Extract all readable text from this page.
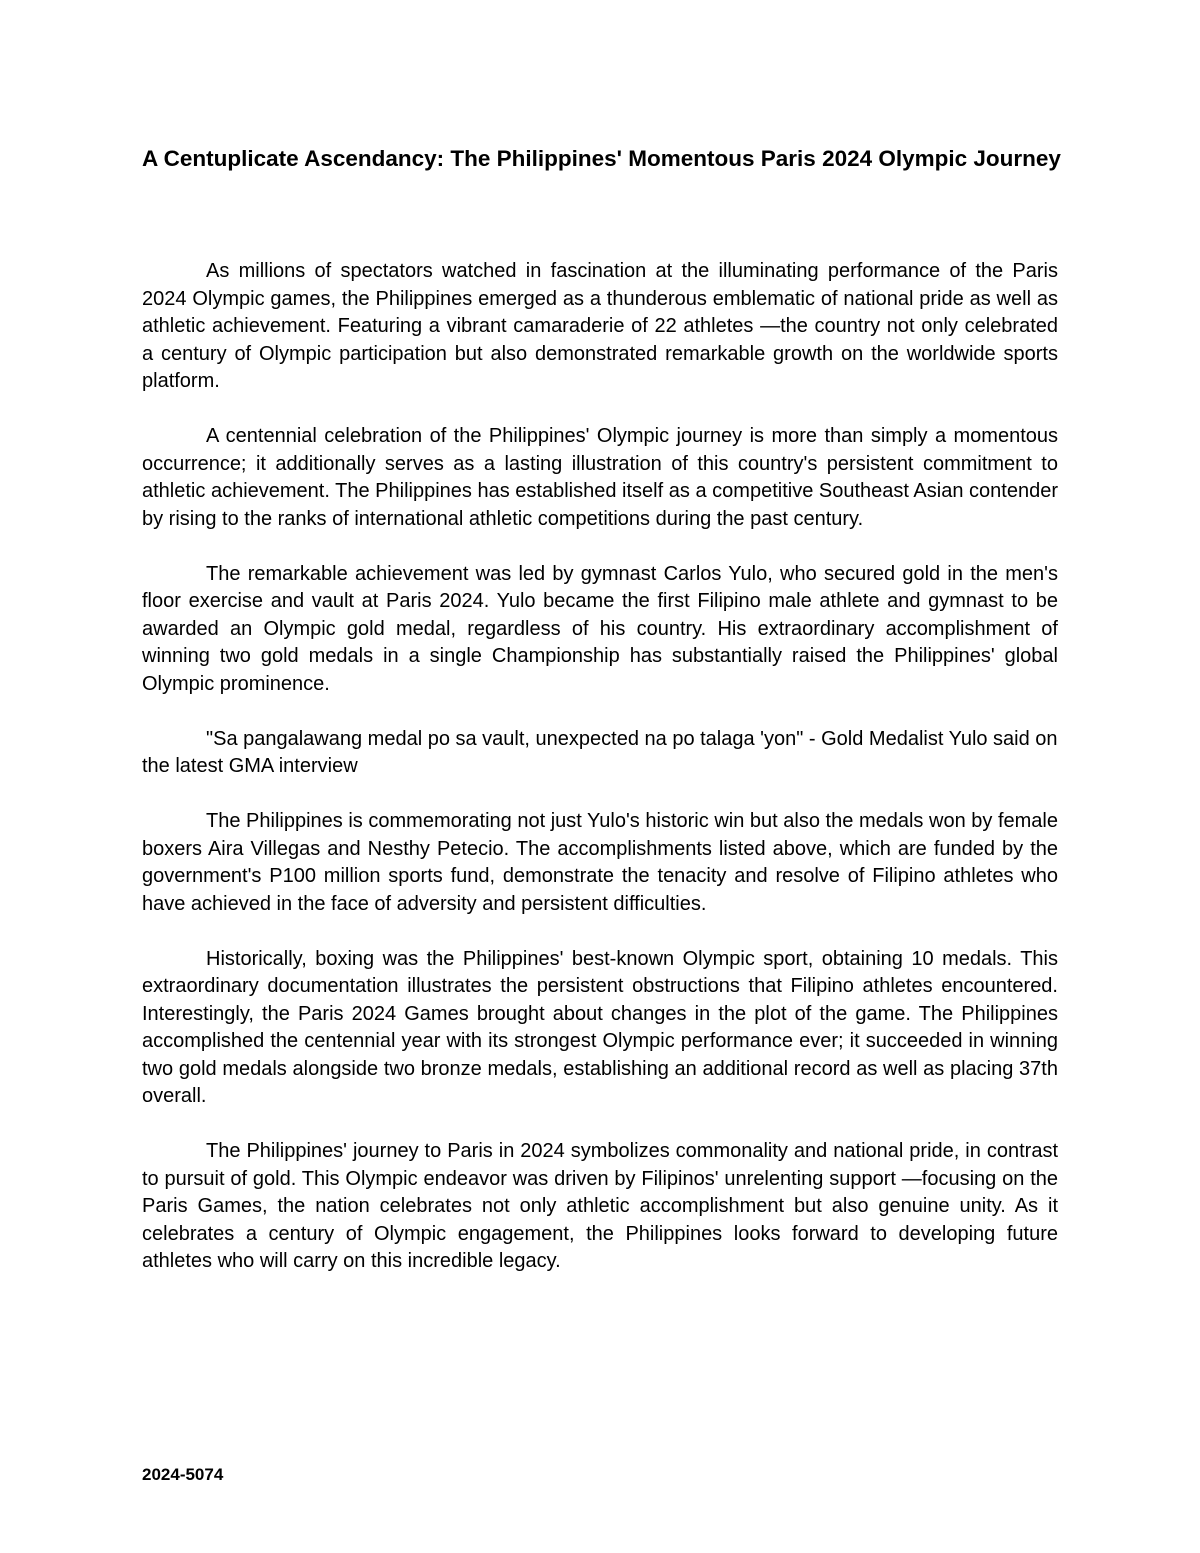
A Centuplicate Ascendancy: The Philippines' Momentous Paris 2024 Olympic Journey

As millions of spectators watched in fascination at the illuminating performance of the Paris 2024 Olympic games, the Philippines emerged as a thunderous emblematic of national pride as well as athletic achievement. Featuring a vibrant camaraderie of 22 athletes —the country not only celebrated a century of Olympic participation but also demonstrated remarkable growth on the worldwide sports platform.

A centennial celebration of the Philippines' Olympic journey is more than simply a momentous occurrence; it additionally serves as a lasting illustration of this country's persistent commitment to athletic achievement. The Philippines has established itself as a competitive Southeast Asian contender by rising to the ranks of international athletic competitions during the past century.

The remarkable achievement was led by gymnast Carlos Yulo, who secured gold in the men's floor exercise and vault at Paris 2024. Yulo became the first Filipino male athlete and gymnast to be awarded an Olympic gold medal, regardless of his country. His extraordinary accomplishment of winning two gold medals in a single Championship has substantially raised the Philippines' global Olympic prominence.

"Sa pangalawang medal po sa vault, unexpected na po talaga 'yon" - Gold Medalist Yulo said on the latest GMA interview

The Philippines is commemorating not just Yulo's historic win but also the medals won by female boxers Aira Villegas and Nesthy Petecio. The accomplishments listed above, which are funded by the government's P100 million sports fund, demonstrate the tenacity and resolve of Filipino athletes who have achieved in the face of adversity and persistent difficulties.

Historically, boxing was the Philippines' best-known Olympic sport, obtaining 10 medals. This extraordinary documentation illustrates the persistent obstructions that Filipino athletes encountered. Interestingly, the Paris 2024 Games brought about changes in the plot of the game. The Philippines accomplished the centennial year with its strongest Olympic performance ever; it succeeded in winning two gold medals alongside two bronze medals, establishing an additional record as well as placing 37th overall.

The Philippines' journey to Paris in 2024 symbolizes commonality and national pride, in contrast to pursuit of gold. This Olympic endeavor was driven by Filipinos' unrelenting support —focusing on the Paris Games, the nation celebrates not only athletic accomplishment but also genuine unity. As it celebrates a century of Olympic engagement, the Philippines looks forward to developing future athletes who will carry on this incredible legacy.

2024-5074
